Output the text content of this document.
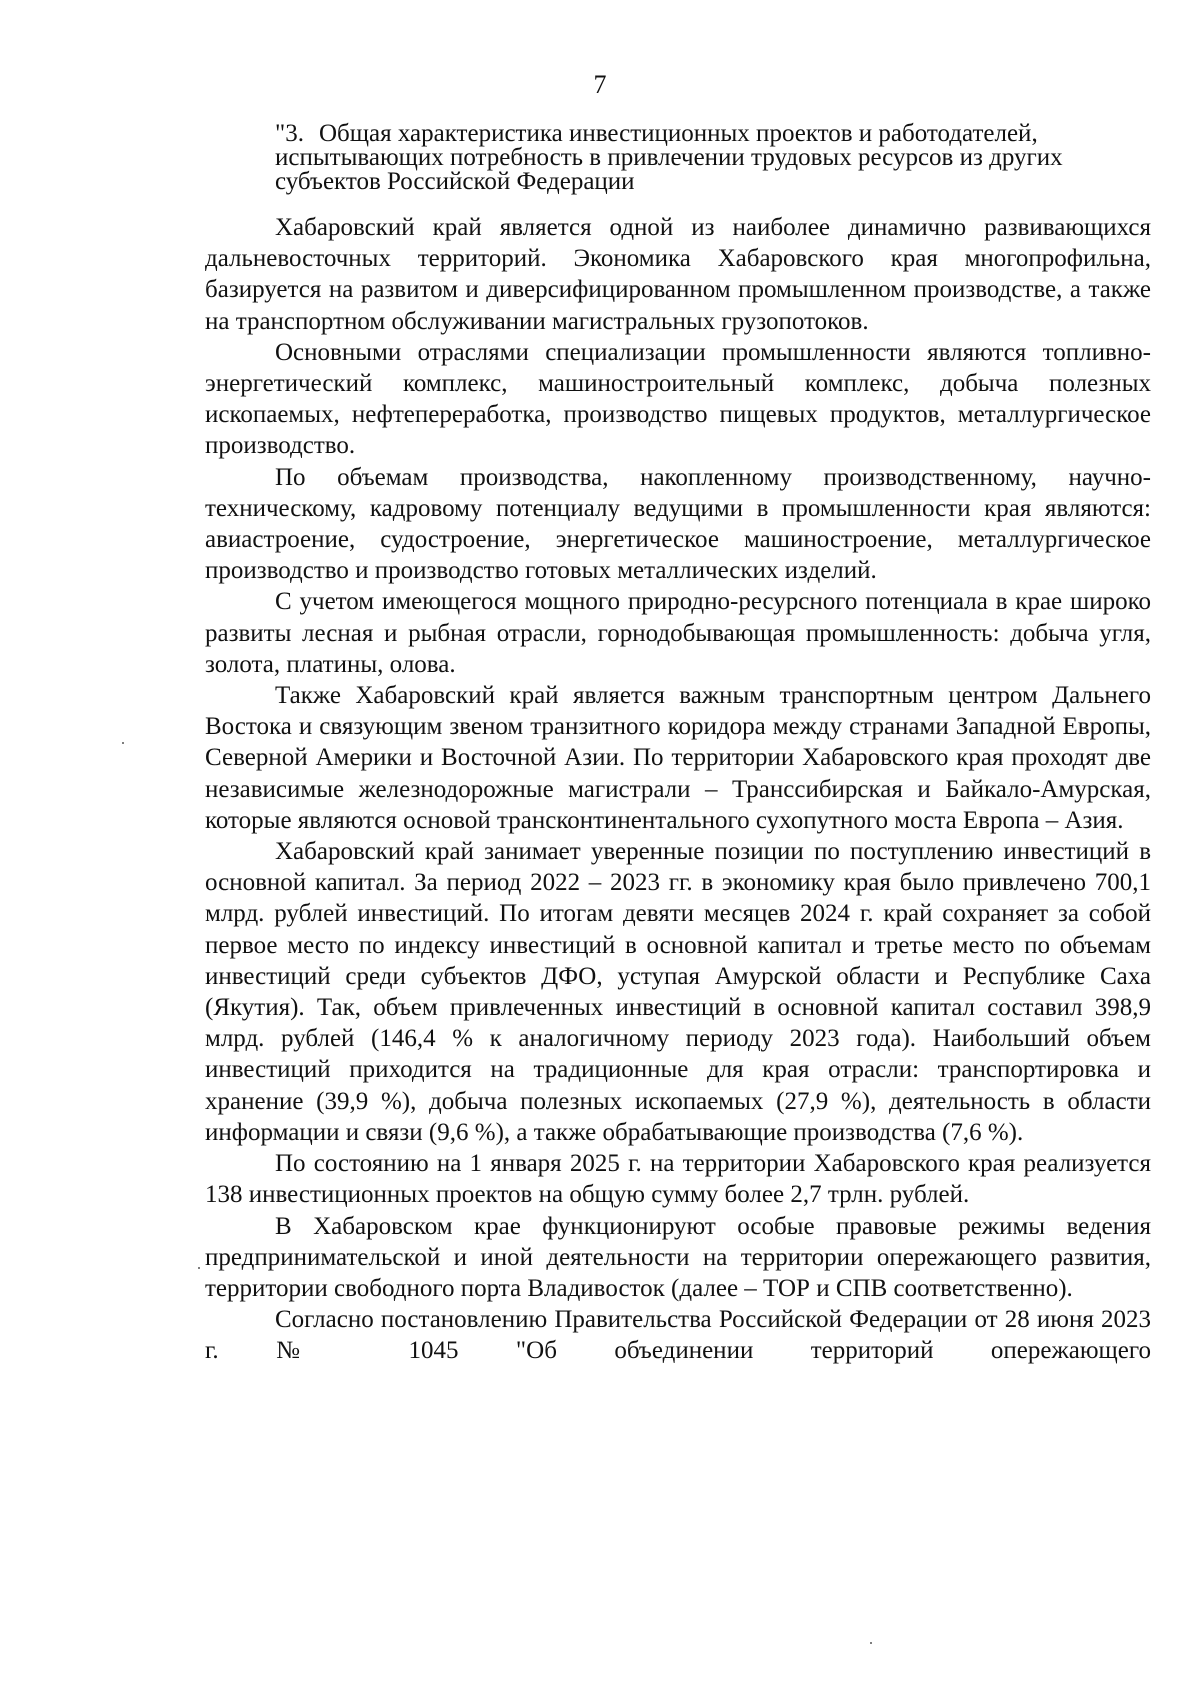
7
"3. Общая характеристика инвестиционных проектов и работодателей, испытывающих потребность в привлечении трудовых ресурсов из других субъектов Российской Федерации

Хабаровский край является одной из наиболее динамично развивающихся дальневосточных территорий. Экономика Хабаровского края многопрофильна, базируется на развитом и диверсифицированном промышленном производстве, а также на транспортном обслуживании магистральных грузопотоков.

Основными отраслями специализации промышленности являются топливно-энергетический комплекс, машиностроительный комплекс, добыча полезных ископаемых, нефтепереработка, производство пищевых продуктов, металлургическое производство.

По объемам производства, накопленному производственному, научно-техническому, кадровому потенциалу ведущими в промышленности края являются: авиастроение, судостроение, энергетическое машиностроение, металлургическое производство и производство готовых металлических изделий.

С учетом имеющегося мощного природно-ресурсного потенциала в крае широко развиты лесная и рыбная отрасли, горнодобывающая промышленность: добыча угля, золота, платины, олова.

Также Хабаровский край является важным транспортным центром Дальнего Востока и связующим звеном транзитного коридора между странами Западной Европы, Северной Америки и Восточной Азии. По территории Хабаровского края проходят две независимые железнодорожные магистрали – Транссибирская и Байкало-Амурская, которые являются основой трансконтинентального сухопутного моста Европа – Азия.

Хабаровский край занимает уверенные позиции по поступлению инвестиций в основной капитал. За период 2022 – 2023 гг. в экономику края было привлечено 700,1 млрд. рублей инвестиций. По итогам девяти месяцев 2024 г. край сохраняет за собой первое место по индексу инвестиций в основной капитал и третье место по объемам инвестиций среди субъектов ДФО, уступая Амурской области и Республике Саха (Якутия). Так, объем привлеченных инвестиций в основной капитал составил 398,9 млрд. рублей (146,4 % к аналогичному периоду 2023 года). Наибольший объем инвестиций приходится на традиционные для края отрасли: транспортировка и хранение (39,9 %), добыча полезных ископаемых (27,9 %), деятельность в области информации и связи (9,6 %), а также обрабатывающие производства (7,6 %).

По состоянию на 1 января 2025 г. на территории Хабаровского края реализуется 138 инвестиционных проектов на общую сумму более 2,7 трлн. рублей.

В Хабаровском крае функционируют особые правовые режимы ведения предпринимательской и иной деятельности на территории опережающего развития, территории свободного порта Владивосток (далее – ТОР и СПВ соответственно).

Согласно постановлению Правительства Российской Федерации от 28 июня 2023 г. № 1045 "Об объединении территорий опережающего
